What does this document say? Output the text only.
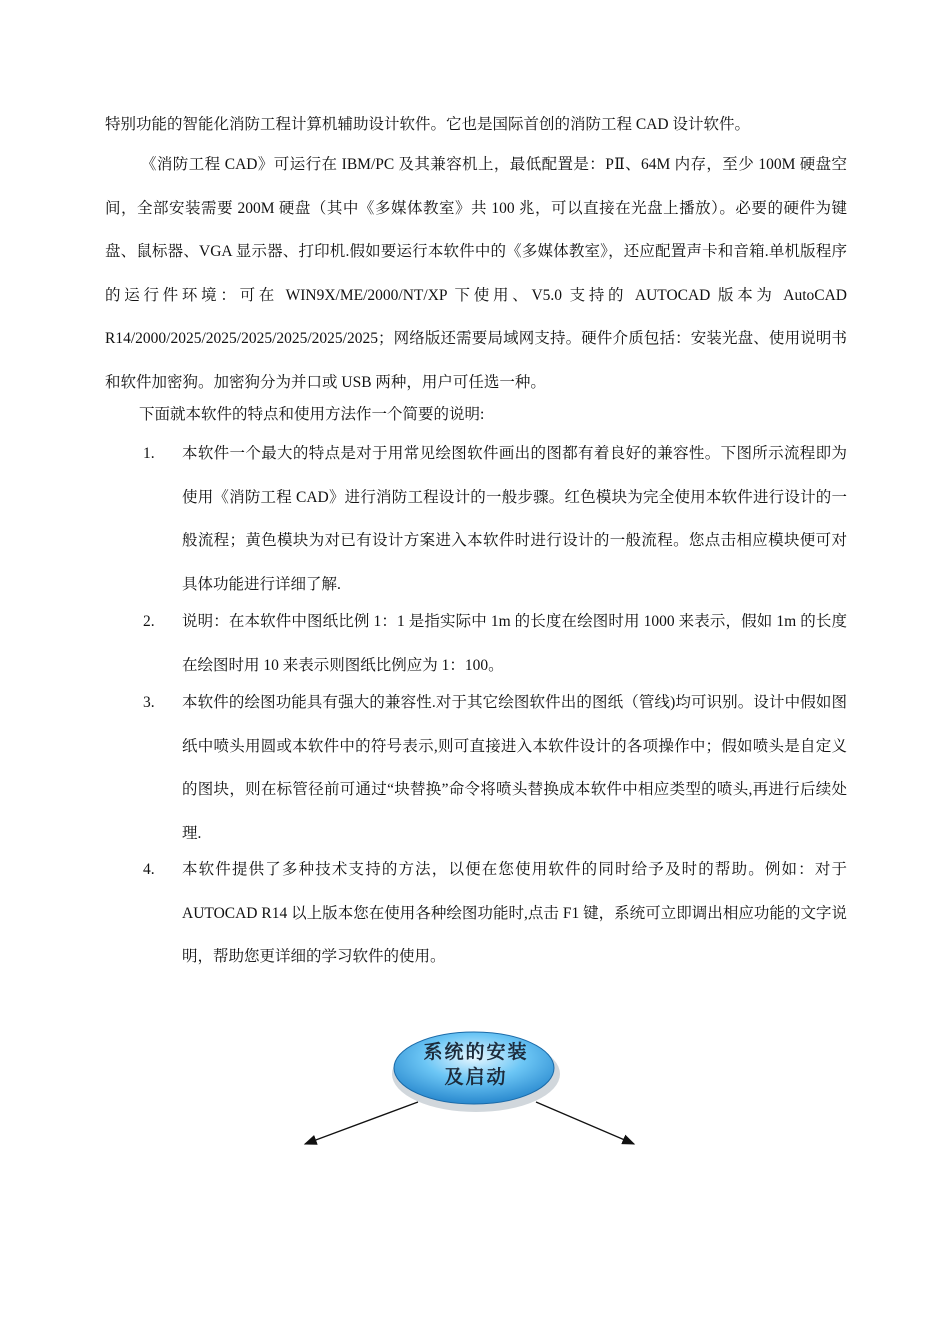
特别功能的智能化消防工程计算机辅助设计软件。它也是国际首创的消防工程 CAD 设计软件。

《消防工程 CAD》可运行在 IBM/PC 及其兼容机上，最低配置是：PⅡ、64M 内存，至少 100M 硬盘空间，全部安装需要 200M 硬盘（其中《多媒体教室》共 100 兆，可以直接在光盘上播放）。必要的硬件为键盘、鼠标器、VGA 显示器、打印机.假如要运行本软件中的《多媒体教室》，还应配置声卡和音箱.单机版程序的运行件环境：可在 WIN9X/ME/2000/NT/XP 下使用、V5.0 支持的 AUTOCAD 版本为 AutoCAD R14/2000/2025/2025/2025/2025/2025/2025；网络版还需要局域网支持。硬件介质包括：安装光盘、使用说明书和软件加密狗。加密狗分为并口或 USB 两种，用户可任选一种。

下面就本软件的特点和使用方法作一个简要的说明:

1. 本软件一个最大的特点是对于用常见绘图软件画出的图都有着良好的兼容性。下图所示流程即为使用《消防工程 CAD》进行消防工程设计的一般步骤。红色模块为完全使用本软件进行设计的一般流程；黄色模块为对已有设计方案进入本软件时进行设计的一般流程。您点击相应模块便可对具体功能进行详细了解.
2. 说明：在本软件中图纸比例 1：1 是指实际中 1m 的长度在绘图时用 1000 来表示，假如 1m 的长度在绘图时用 10 来表示则图纸比例应为 1：100。
3. 本软件的绘图功能具有强大的兼容性.对于其它绘图软件出的图纸（管线)均可识别。设计中假如图纸中喷头用圆或本软件中的符号表示,则可直接进入本软件设计的各项操作中；假如喷头是自定义的图块，则在标管径前可通过“块替换”命令将喷头替换成本软件中相应类型的喷头,再进行后续处理.
4. 本软件提供了多种技术支持的方法，以便在您使用软件的同时给予及时的帮助。例如：对于 AUTOCAD R14 以上版本您在使用各种绘图功能时,点击 F1 键，系统可立即调出相应功能的文字说明，帮助您更详细的学习软件的使用。
系统的安装
及启动
